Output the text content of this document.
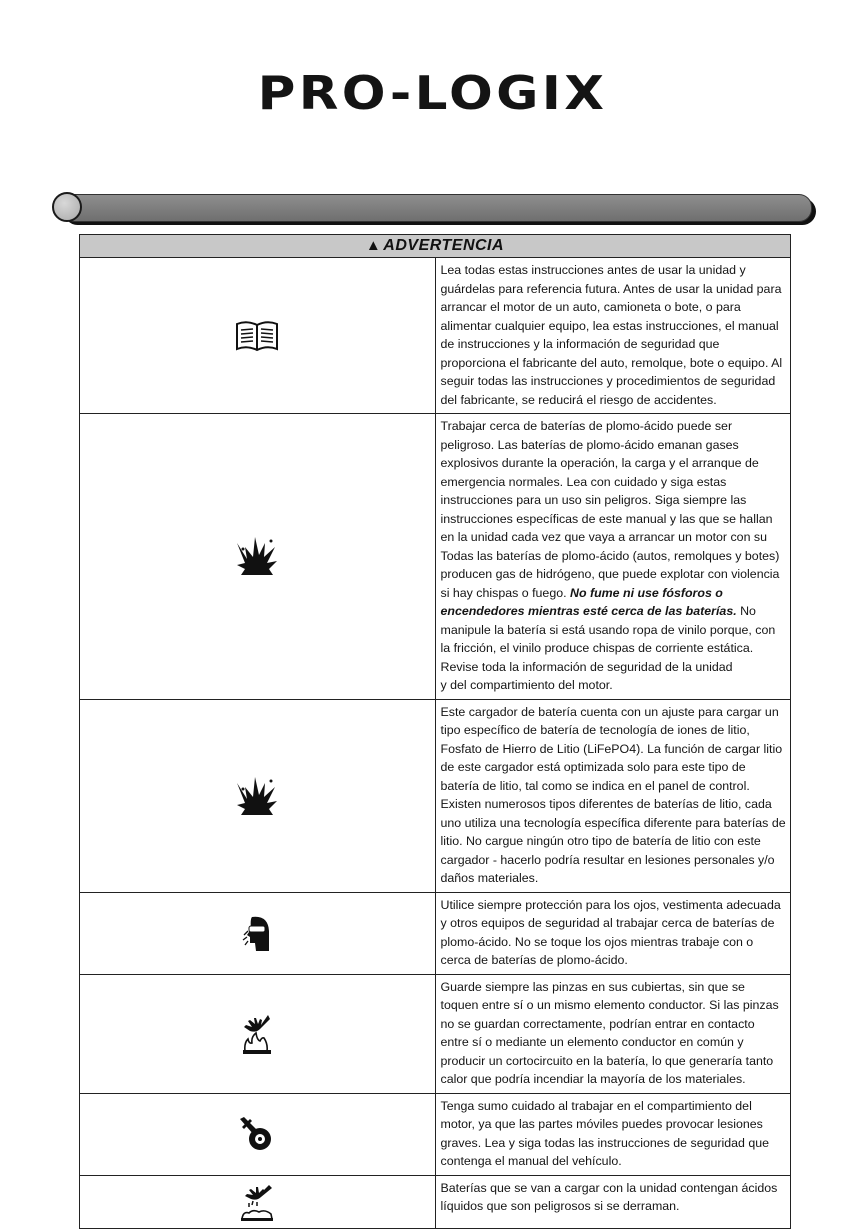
PRO-LOGIX
▲ ADVERTENCIA	
	Lea todas estas instrucciones antes de usar la unidad y guárdelas para referencia futura. Antes de usar la unidad para arrancar el motor de un auto, camioneta o bote, o para alimentar cualquier equipo, lea estas instrucciones, el manual de instrucciones y la información de seguridad que proporciona el fabricante del auto, remolque, bote o equipo. Al seguir todas las instrucciones y procedimientos de seguridad del fabricante, se reducirá el riesgo de accidentes.
	Trabajar cerca de baterías de plomo-ácido puede ser peligroso. Las baterías de plomo-ácido emanan gases explosivos durante la operación, la carga y el arranque de emergencia normales. Lea con cuidado y siga estas instrucciones para un uso sin peligros. Siga siempre las instrucciones específicas de este manual y las que se hallan en la unidad cada vez que vaya a arrancar un motor con su
Todas las baterías de plomo-ácido (autos, remolques y botes) producen gas de hidrógeno, que puede explotar con violencia si hay chispas o fuego. No fume ni use fósforos o encendedores mientras esté cerca de las baterías. No manipule la batería si está usando ropa de vinilo porque, con la fricción, el vinilo produce chispas de corriente estática. Revise toda la información de seguridad de la unidad
y del compartimiento del motor.
	Este cargador de batería cuenta con un ajuste para cargar un tipo específico de batería de tecnología de iones de litio, Fosfato de Hierro de Litio (LiFePO4). La función de cargar litio de este cargador está optimizada solo para este tipo de batería de litio, tal como se indica en el panel de control. Existen numerosos tipos diferentes de baterías de litio, cada uno utiliza una tecnología específica diferente para baterías de litio. No cargue ningún otro tipo de batería de litio con este cargador - hacerlo podría resultar en lesiones personales y/o daños materiales.
	Utilice siempre protección para los ojos, vestimenta adecuada y otros equipos de seguridad al trabajar cerca de baterías de plomo-ácido. No se toque los ojos mientras trabaje con o cerca de baterías de plomo-ácido.
	Guarde siempre las pinzas en sus cubiertas, sin que se toquen entre sí o un mismo elemento conductor. Si las pinzas no se guardan correctamente, podrían entrar en contacto entre sí o mediante un elemento conductor en común y producir un cortocircuito en la batería, lo que generaría tanto calor que podría incendiar la mayoría de los materiales.
	Tenga sumo cuidado al trabajar en el compartimiento del motor, ya que las partes móviles puedes provocar lesiones graves. Lea y siga todas las instrucciones de seguridad que contenga el manual del vehículo.
	Baterías que se van a cargar con la unidad contengan ácidos líquidos que son peligrosos si se derraman.
